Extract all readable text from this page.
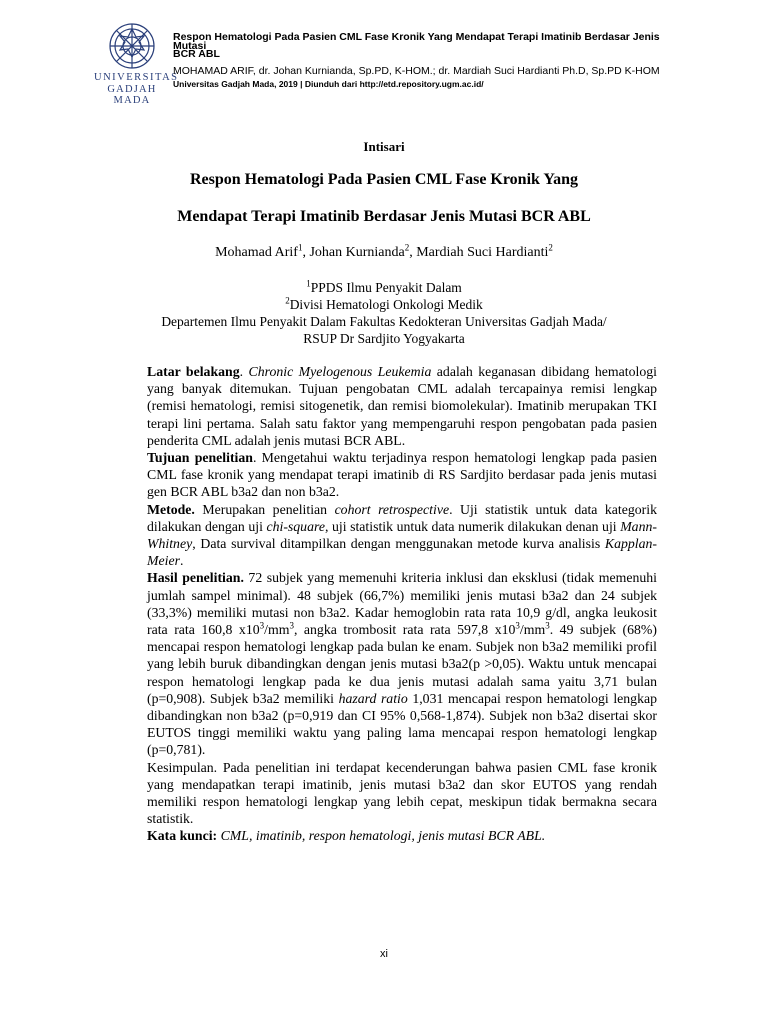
UNIVERSITAS
GADJAH MADA
Respon Hematologi Pada Pasien CML Fase Kronik Yang Mendapat Terapi Imatinib Berdasar Jenis
Mutasi
BCR ABL
MOHAMAD ARIF, dr. Johan Kurnianda, Sp.PD, K-HOM.; dr. Mardiah Suci Hardianti Ph.D, Sp.PD K-HOM
Universitas Gadjah Mada, 2019 | Diunduh dari http://etd.repository.ugm.ac.id/
Intisari
Respon Hematologi Pada Pasien CML Fase Kronik Yang
Mendapat Terapi Imatinib Berdasar Jenis Mutasi BCR ABL
Mohamad Arif$^1$, Johan Kurnianda$^2$, Mardiah Suci Hardianti$^2$
$^1$PPDS Ilmu Penyakit Dalam
$^2$Divisi Hematologi Onkologi Medik
Departemen Ilmu Penyakit Dalam Fakultas Kedokteran Universitas Gadjah Mada/
RSUP Dr Sardjito Yogyakarta

Latar belakang. Chronic Myelogenous Leukemia adalah keganasan dibidang hematologi yang banyak ditemukan. Tujuan pengobatan CML adalah tercapainya remisi lengkap (remisi hematologi, remisi sitogenetik, dan remisi biomolekular). Imatinib merupakan TKI terapi lini pertama. Salah satu faktor yang mempengaruhi respon pengobatan pada pasien penderita CML adalah jenis mutasi BCR ABL.

Tujuan penelitian. Mengetahui waktu terjadinya respon hematologi lengkap pada pasien CML fase kronik yang mendapat terapi imatinib di RS Sardjito berdasar pada jenis mutasi gen BCR ABL b3a2 dan non b3a2.

Metode. Merupakan penelitian cohort retrospective. Uji statistik untuk data kategorik dilakukan dengan uji chi-square, uji statistik untuk data numerik dilakukan denan uji Mann-Whitney, Data survival ditampilkan dengan menggunakan metode kurva analisis Kapplan-Meier.

Hasil penelitian. 72 subjek yang memenuhi kriteria inklusi dan eksklusi (tidak memenuhi jumlah sampel minimal). 48 subjek (66,7%) memiliki jenis mutasi b3a2 dan 24 subjek (33,3%) memiliki mutasi non b3a2. Kadar hemoglobin rata rata 10,9 g/dl, angka leukosit rata rata 160,8 $x10^3/mm^3$, angka trombosit rata rata 597,8 $x10^3/mm^3$. 49 subjek (68%) mencapai respon hematologi lengkap pada bulan ke enam. Subjek non b3a2 memiliki profil yang lebih buruk dibandingkan dengan jenis mutasi b3a2(p >0,05). Waktu untuk mencapai respon hematologi lengkap pada ke dua jenis mutasi adalah sama yaitu 3,71 bulan (p=0,908). Subjek b3a2 memiliki hazard ratio 1,031 mencapai respon hematologi lengkap dibandingkan non b3a2 (p=0,919 dan CI 95% 0,568-1,874). Subjek non b3a2 disertai skor EUTOS tinggi memiliki waktu yang paling lama mencapai respon hematologi lengkap (p=0,781).

Kesimpulan. Pada penelitian ini terdapat kecenderungan bahwa pasien CML fase kronik yang mendapatkan terapi imatinib, jenis mutasi b3a2 dan skor EUTOS yang rendah memiliki respon hematologi lengkap yang lebih cepat, meskipun tidak bermakna secara statistik.

Kata kunci: CML, imatinib, respon hematologi, jenis mutasi BCR ABL.

xi
